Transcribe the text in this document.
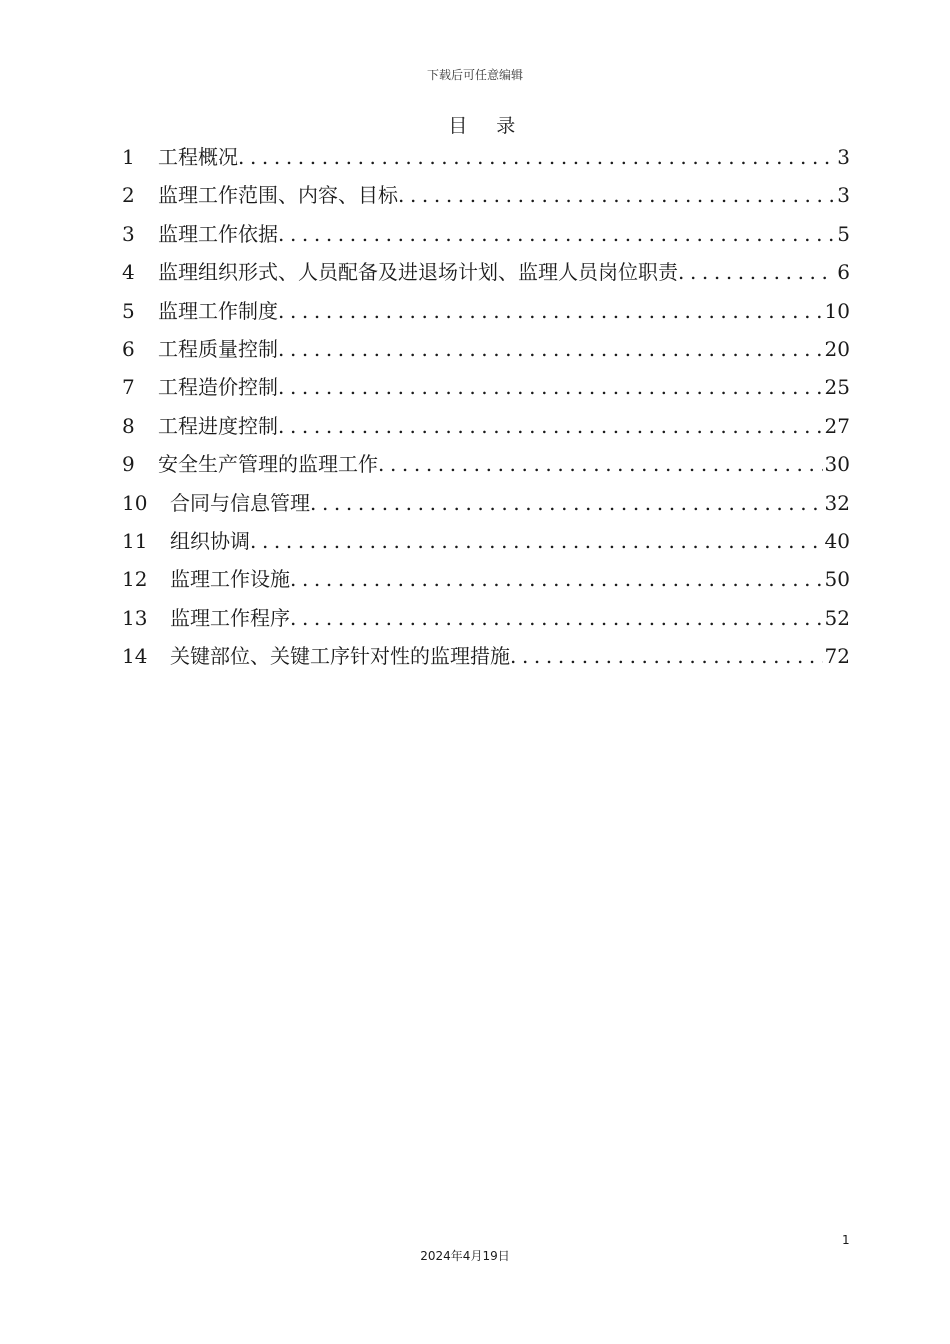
下载后可任意编辑
目 录
1	工程概况 .....	3
2	监理工作范围、内容、目标 .....	3
3	监理工作依据 .....	5
4	监理组织形式、人员配备及进退场计划、监理人员岗位职责 .....	6
5	监理工作制度 .....	10
6	工程质量控制 .....	20
7	工程造价控制 .....	25
8	工程进度控制 .....	27
9	安全生产管理的监理工作 .....	30
10	合同与信息管理 .....	32
11	组织协调 .....	40
12	监理工作设施 .....	50
13	监理工作程序 .....	52
14	关键部位、关键工序针对性的监理措施 .....	72
1
2024年4月19日
